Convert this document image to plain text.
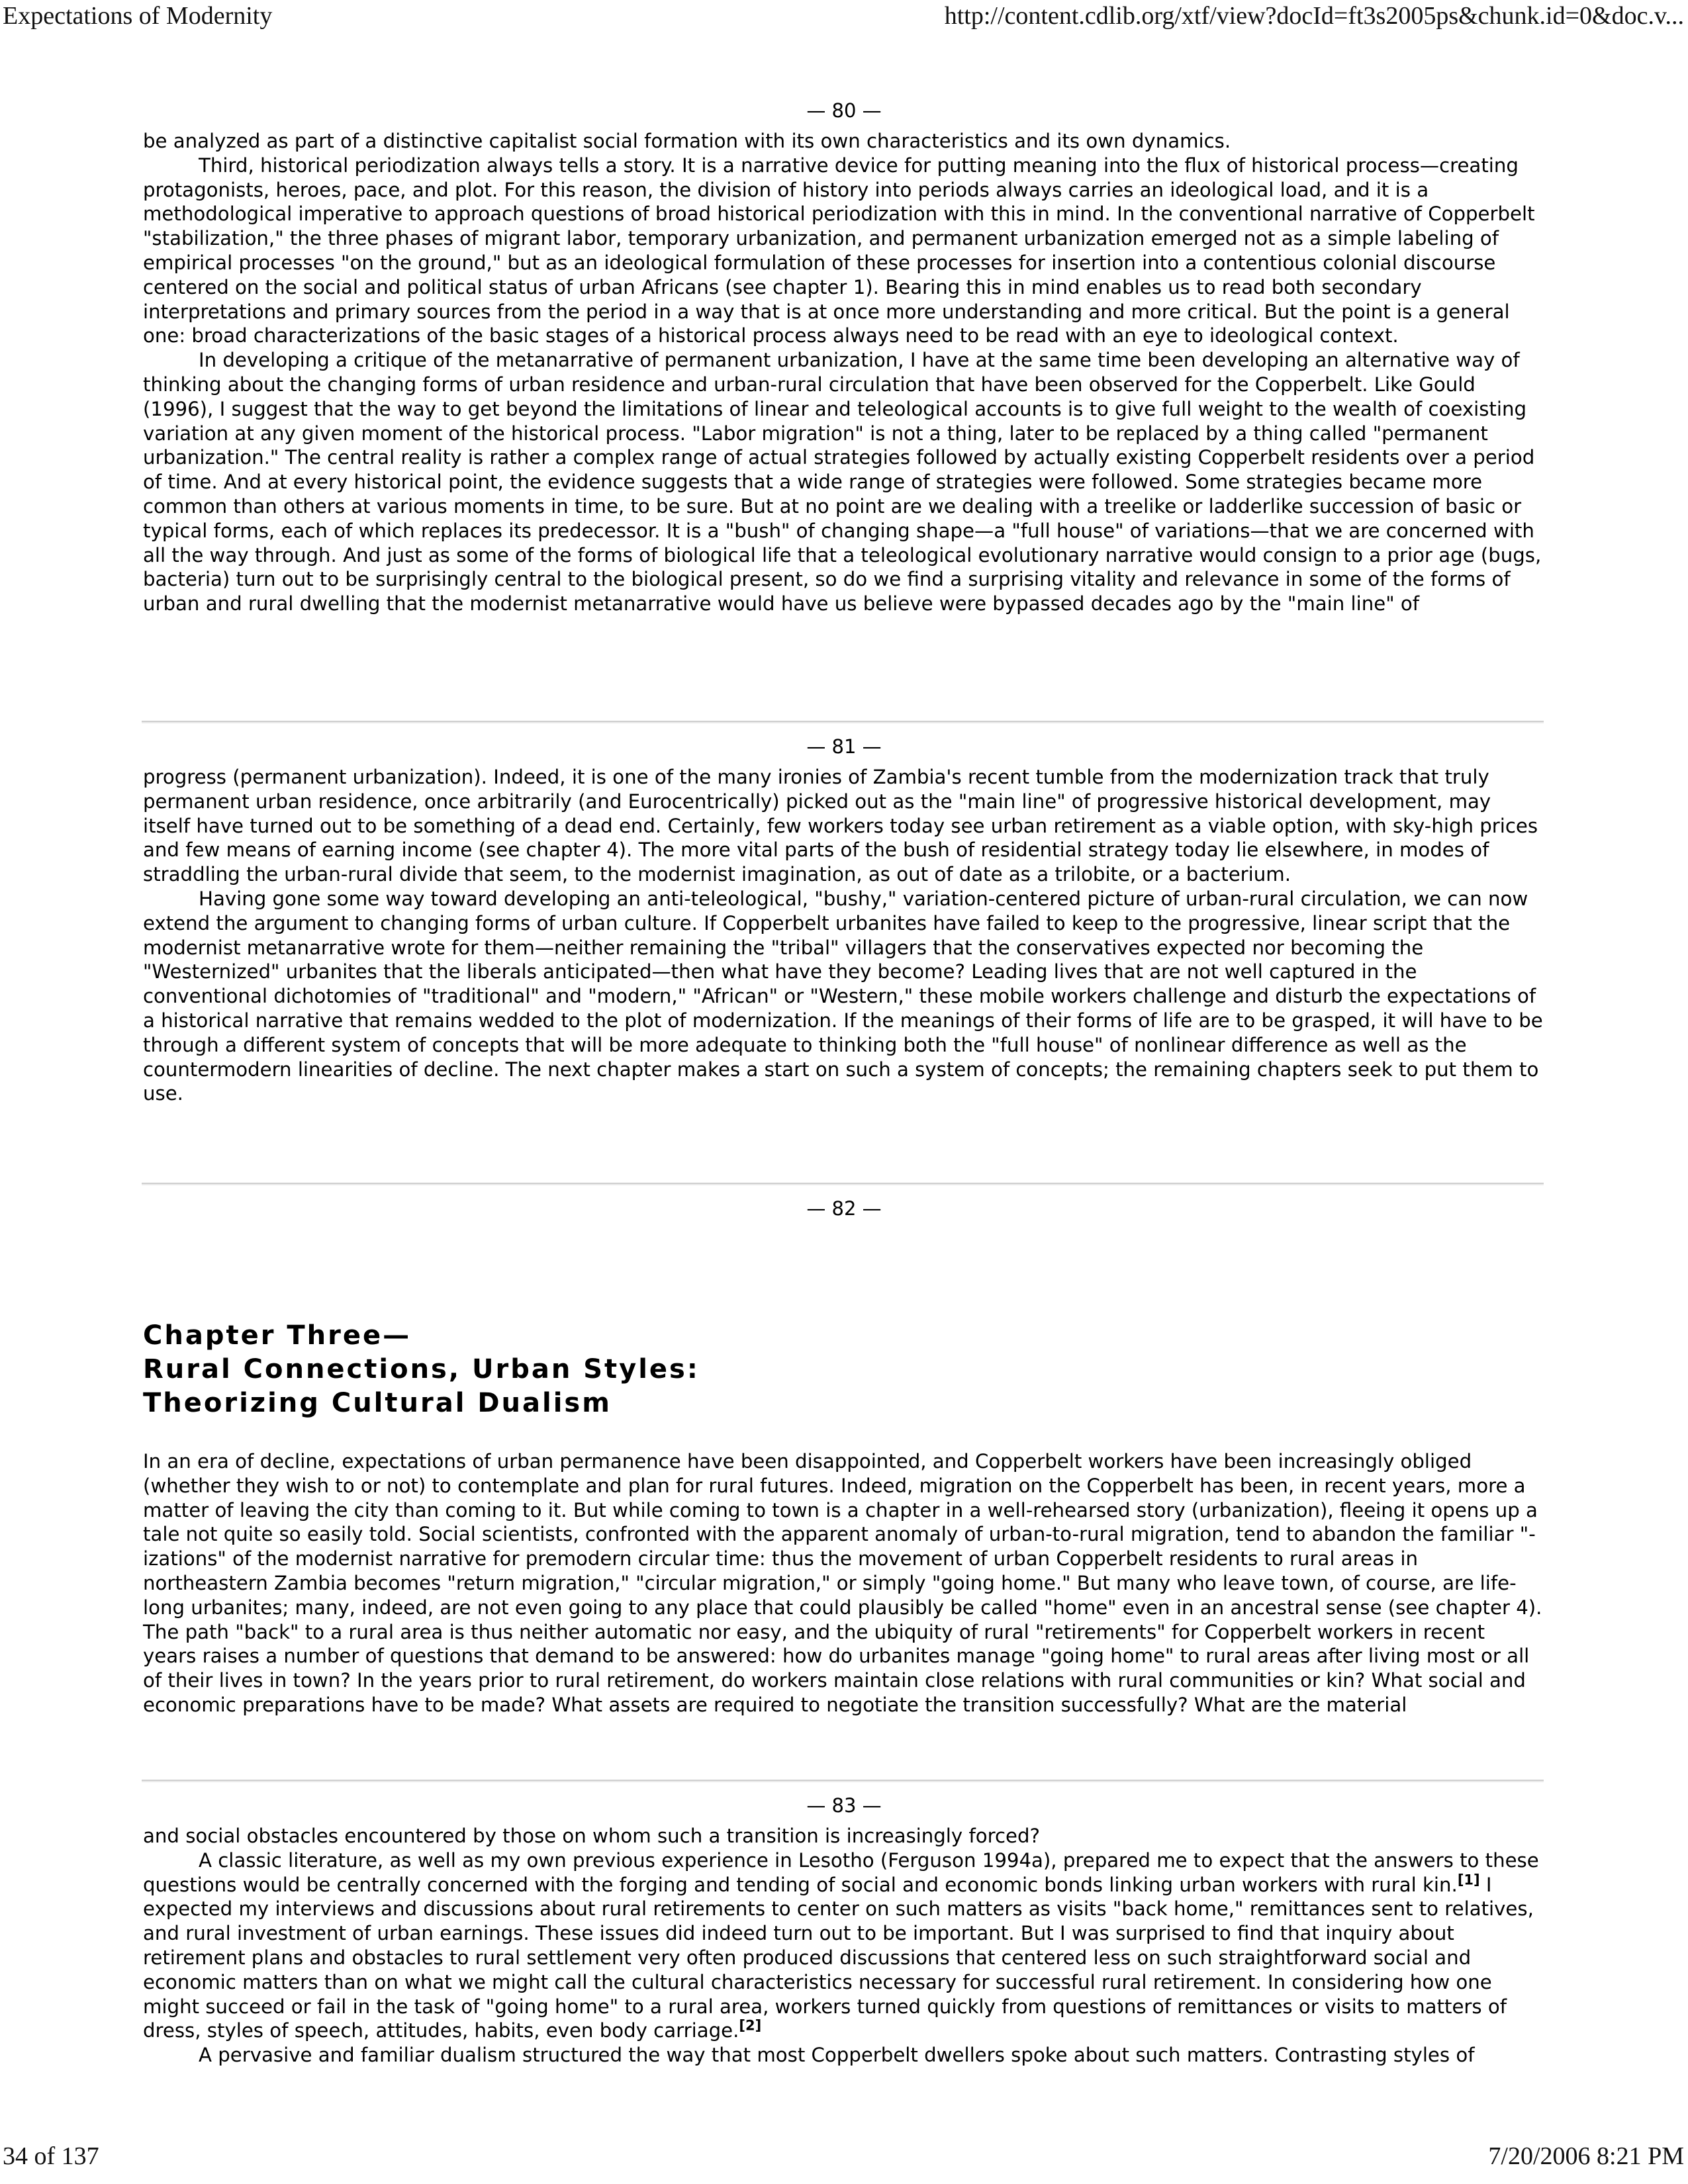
Expectations of Modernity	http://content.cdlib.org/xtf/view?docId=ft3s2005ps&chunk.id=0&doc.v...
— 80 —

be analyzed as part of a distinctive capitalist social formation with its own characteristics and its own dynamics.

Third, historical periodization always tells a story. It is a narrative device for putting meaning into the flux of historical process—creating protagonists, heroes, pace, and plot. For this reason, the division of history into periods always carries an ideological load, and it is a methodological imperative to approach questions of broad historical periodization with this in mind. In the conventional narrative of Copperbelt "stabilization," the three phases of migrant labor, temporary urbanization, and permanent urbanization emerged not as a simple labeling of empirical processes "on the ground," but as an ideological formulation of these processes for insertion into a contentious colonial discourse centered on the social and political status of urban Africans (see chapter 1). Bearing this in mind enables us to read both secondary interpretations and primary sources from the period in a way that is at once more understanding and more critical. But the point is a general one: broad characterizations of the basic stages of a historical process always need to be read with an eye to ideological context.

In developing a critique of the metanarrative of permanent urbanization, I have at the same time been developing an alternative way of thinking about the changing forms of urban residence and urban-rural circulation that have been observed for the Copperbelt. Like Gould (1996), I suggest that the way to get beyond the limitations of linear and teleological accounts is to give full weight to the wealth of coexisting variation at any given moment of the historical process. "Labor migration" is not a thing, later to be replaced by a thing called "permanent urbanization." The central reality is rather a complex range of actual strategies followed by actually existing Copperbelt residents over a period of time. And at every historical point, the evidence suggests that a wide range of strategies were followed. Some strategies became more common than others at various moments in time, to be sure. But at no point are we dealing with a treelike or ladderlike succession of basic or typical forms, each of which replaces its predecessor. It is a "bush" of changing shape—a "full house" of variations—that we are concerned with all the way through. And just as some of the forms of biological life that a teleological evolutionary narrative would consign to a prior age (bugs, bacteria) turn out to be surprisingly central to the biological present, so do we find a surprising vitality and relevance in some of the forms of urban and rural dwelling that the modernist metanarrative would have us believe were bypassed decades ago by the "main line" of

— 81 —

progress (permanent urbanization). Indeed, it is one of the many ironies of Zambia's recent tumble from the modernization track that truly permanent urban residence, once arbitrarily (and Eurocentrically) picked out as the "main line" of progressive historical development, may itself have turned out to be something of a dead end. Certainly, few workers today see urban retirement as a viable option, with sky-high prices and few means of earning income (see chapter 4). The more vital parts of the bush of residential strategy today lie elsewhere, in modes of straddling the urban-rural divide that seem, to the modernist imagination, as out of date as a trilobite, or a bacterium.

Having gone some way toward developing an anti-teleological, "bushy," variation-centered picture of urban-rural circulation, we can now extend the argument to changing forms of urban culture. If Copperbelt urbanites have failed to keep to the progressive, linear script that the modernist metanarrative wrote for them—neither remaining the "tribal" villagers that the conservatives expected nor becoming the "Westernized" urbanites that the liberals anticipated—then what have they become? Leading lives that are not well captured in the conventional dichotomies of "traditional" and "modern," "African" or "Western," these mobile workers challenge and disturb the expectations of a historical narrative that remains wedded to the plot of modernization. If the meanings of their forms of life are to be grasped, it will have to be through a different system of concepts that will be more adequate to thinking both the "full house" of nonlinear difference as well as the countermodern linearities of decline. The next chapter makes a start on such a system of concepts; the remaining chapters seek to put them to use.

— 82 —
Chapter Three—
Rural Connections, Urban Styles:
Theorizing Cultural Dualism

In an era of decline, expectations of urban permanence have been disappointed, and Copperbelt workers have been increasingly obliged (whether they wish to or not) to contemplate and plan for rural futures. Indeed, migration on the Copperbelt has been, in recent years, more a matter of leaving the city than coming to it. But while coming to town is a chapter in a well-rehearsed story (urbanization), fleeing it opens up a tale not quite so easily told. Social scientists, confronted with the apparent anomaly of urban-to-rural migration, tend to abandon the familiar "-izations" of the modernist narrative for premodern circular time: thus the movement of urban Copperbelt residents to rural areas in northeastern Zambia becomes "return migration," "circular migration," or simply "going home." But many who leave town, of course, are life-long urbanites; many, indeed, are not even going to any place that could plausibly be called "home" even in an ancestral sense (see chapter 4). The path "back" to a rural area is thus neither automatic nor easy, and the ubiquity of rural "retirements" for Copperbelt workers in recent years raises a number of questions that demand to be answered: how do urbanites manage "going home" to rural areas after living most or all of their lives in town? In the years prior to rural retirement, do workers maintain close relations with rural communities or kin? What social and economic preparations have to be made? What assets are required to negotiate the transition successfully? What are the material

— 83 —

and social obstacles encountered by those on whom such a transition is increasingly forced?

A classic literature, as well as my own previous experience in Lesotho (Ferguson 1994a), prepared me to expect that the answers to these questions would be centrally concerned with the forging and tending of social and economic bonds linking urban workers with rural kin.[1] I expected my interviews and discussions about rural retirements to center on such matters as visits "back home," remittances sent to relatives, and rural investment of urban earnings. These issues did indeed turn out to be important. But I was surprised to find that inquiry about retirement plans and obstacles to rural settlement very often produced discussions that centered less on such straightforward social and economic matters than on what we might call the cultural characteristics necessary for successful rural retirement. In considering how one might succeed or fail in the task of "going home" to a rural area, workers turned quickly from questions of remittances or visits to matters of dress, styles of speech, attitudes, habits, even body carriage.[2]

A pervasive and familiar dualism structured the way that most Copperbelt dwellers spoke about such matters. Contrasting styles of

34 of 137	7/20/2006 8:21 PM
